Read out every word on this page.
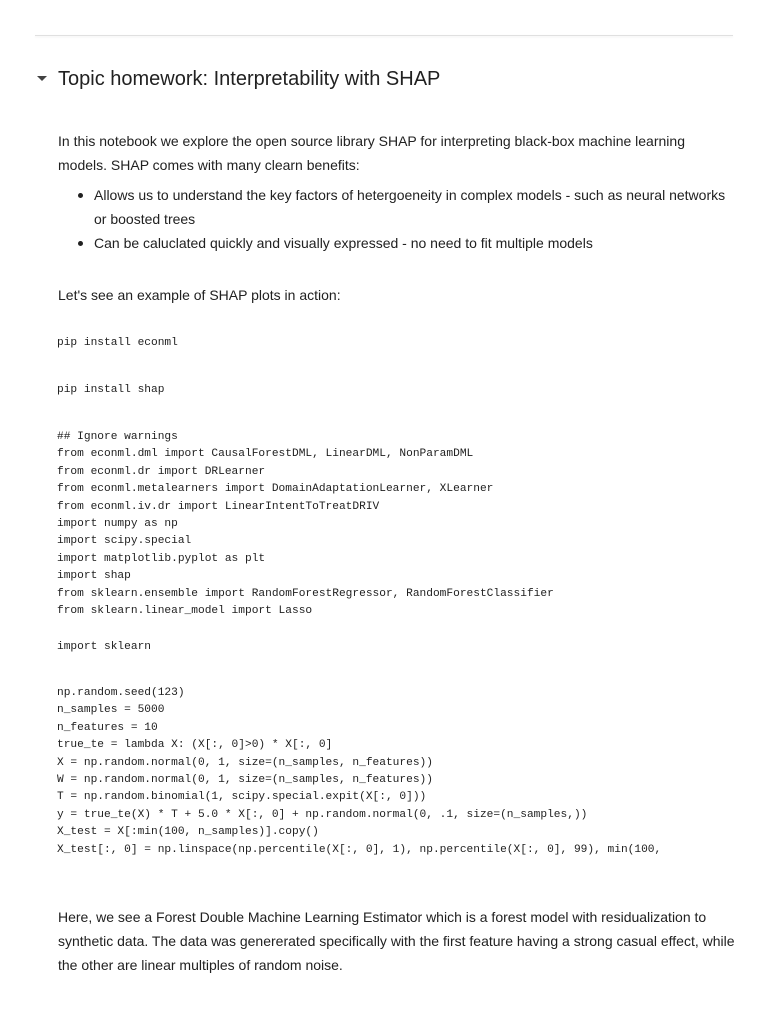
Topic homework: Interpretability with SHAP
In this notebook we explore the open source library SHAP for interpreting black-box machine learning models. SHAP comes with many clearn benefits:
Allows us to understand the key factors of hetergoeneity in complex models - such as neural networks or boosted trees
Can be caluclated quickly and visually expressed - no need to fit multiple models
Let's see an example of SHAP plots in action:
pip install econml
pip install shap
## Ignore warnings
from econml.dml import CausalForestDML, LinearDML, NonParamDML
from econml.dr import DRLearner
from econml.metalearners import DomainAdaptationLearner, XLearner
from econml.iv.dr import LinearIntentToTreatDRIV
import numpy as np
import scipy.special
import matplotlib.pyplot as plt
import shap
from sklearn.ensemble import RandomForestRegressor, RandomForestClassifier
from sklearn.linear_model import Lasso
import sklearn
np.random.seed(123)
n_samples = 5000
n_features = 10
true_te = lambda X: (X[:, 0]>0) * X[:, 0]
X = np.random.normal(0, 1, size=(n_samples, n_features))
W = np.random.normal(0, 1, size=(n_samples, n_features))
T = np.random.binomial(1, scipy.special.expit(X[:, 0]))
y = true_te(X) * T + 5.0 * X[:, 0] + np.random.normal(0, .1, size=(n_samples,))
X_test = X[:min(100, n_samples)].copy()
X_test[:, 0] = np.linspace(np.percentile(X[:, 0], 1), np.percentile(X[:, 0], 99), min(100,
Here, we see a Forest Double Machine Learning Estimator which is a forest model with residualization to synthetic data. The data was genererated specifically with the first feature having a strong casual effect, while the other are linear multiples of random noise.
